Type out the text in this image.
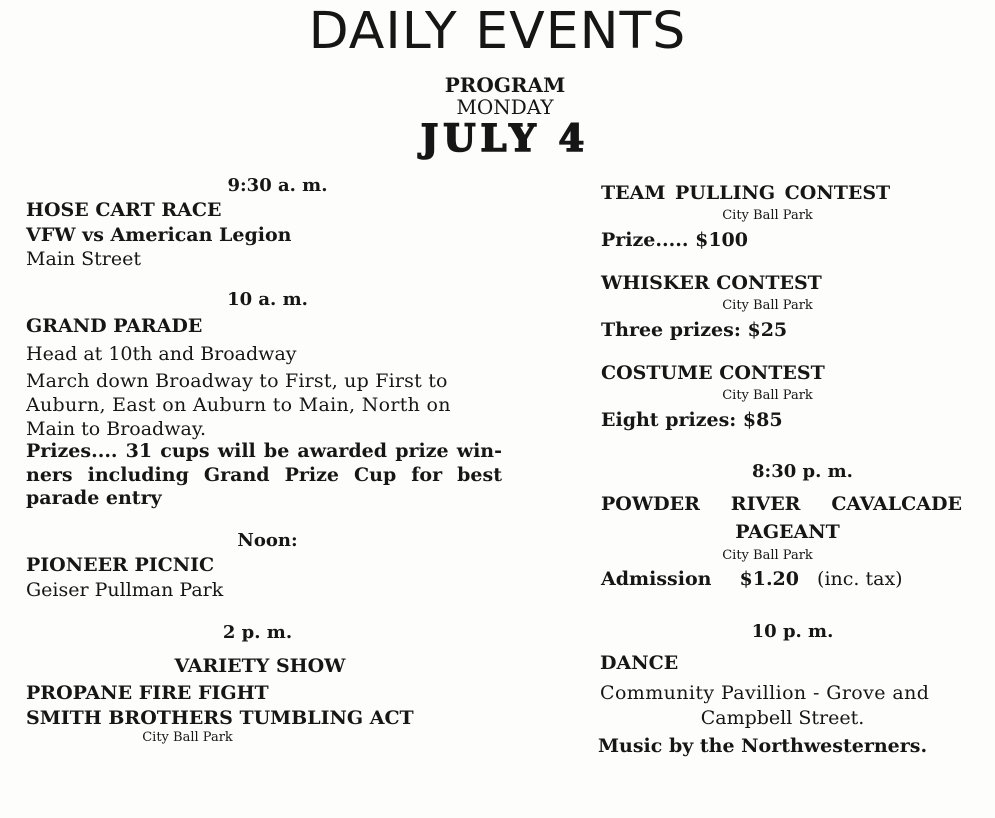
DAILY EVENTS
PROGRAM
MONDAY
JULY 4
9:30 a. m.
HOSE CART RACE
VFW vs American Legion
Main Street
10 a. m.
GRAND PARADE
Head at 10th and Broadway
March down Broadway to First, up First to
Auburn, East on Auburn to Main, North on
Main to Broadway.
Prizes.... 31 cups will be awarded prize win-
ners including Grand Prize Cup for best
parade entry
Noon:
PIONEER PICNIC
Geiser Pullman Park
2 p. m.
VARIETY SHOW
PROPANE FIRE FIGHT
SMITH BROTHERS TUMBLING ACT
City Ball Park
TEAM PULLING CONTEST
City Ball Park
Prize..... $100
WHISKER CONTEST
City Ball Park
Three prizes: $25
COSTUME CONTEST
City Ball Park
Eight prizes: $85
8:30 p. m.
POWDER RIVER CAVALCADE
PAGEANT
City Ball Park
Admission $1.20 (inc. tax)
10 p. m.
DANCE
Community Pavillion - Grove and
Campbell Street.
Music by the Northwesterners.
